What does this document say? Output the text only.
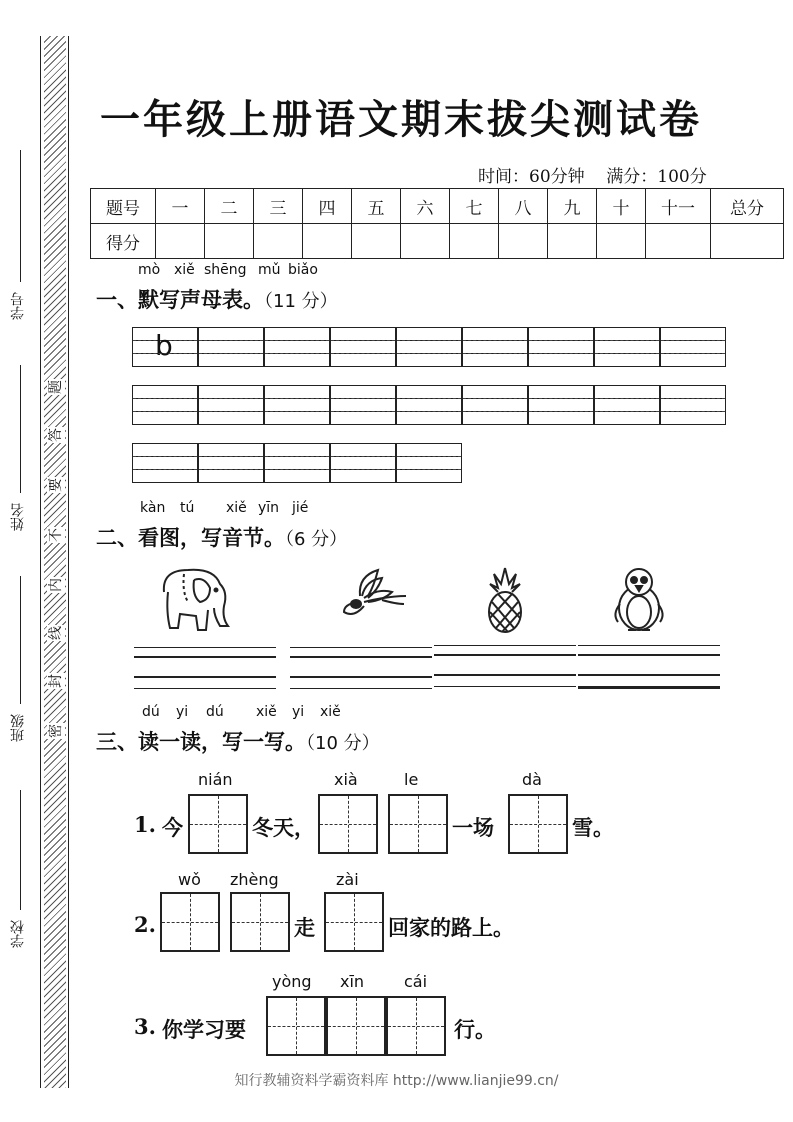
学号
姓名
班级
学校
题
答
要
不
内
线
封
密
一年级上册语文期末拔尖测试卷
时间：60分钟 满分：100分
题号	一	二	三	四	五	六	七	八	九	十	十一	总分
得分												
mò xiě shēng mǔ biǎo
一、默写声母表。（11 分）
b
kàn tú xiě yīn jié
二、看图，写音节。（6 分）
dú yi dú xiě yi xiě
三、读一读，写一写。（10 分）
nián	xià	le	dà
1. 今	冬天，	一场	雪。
wǒ zhèng	zài
2.	走	回家的路上。
yòng xīn cái
3. 你学习要	行。
知行教辅资料学霸资料库 http://www.lianjie99.cn/
